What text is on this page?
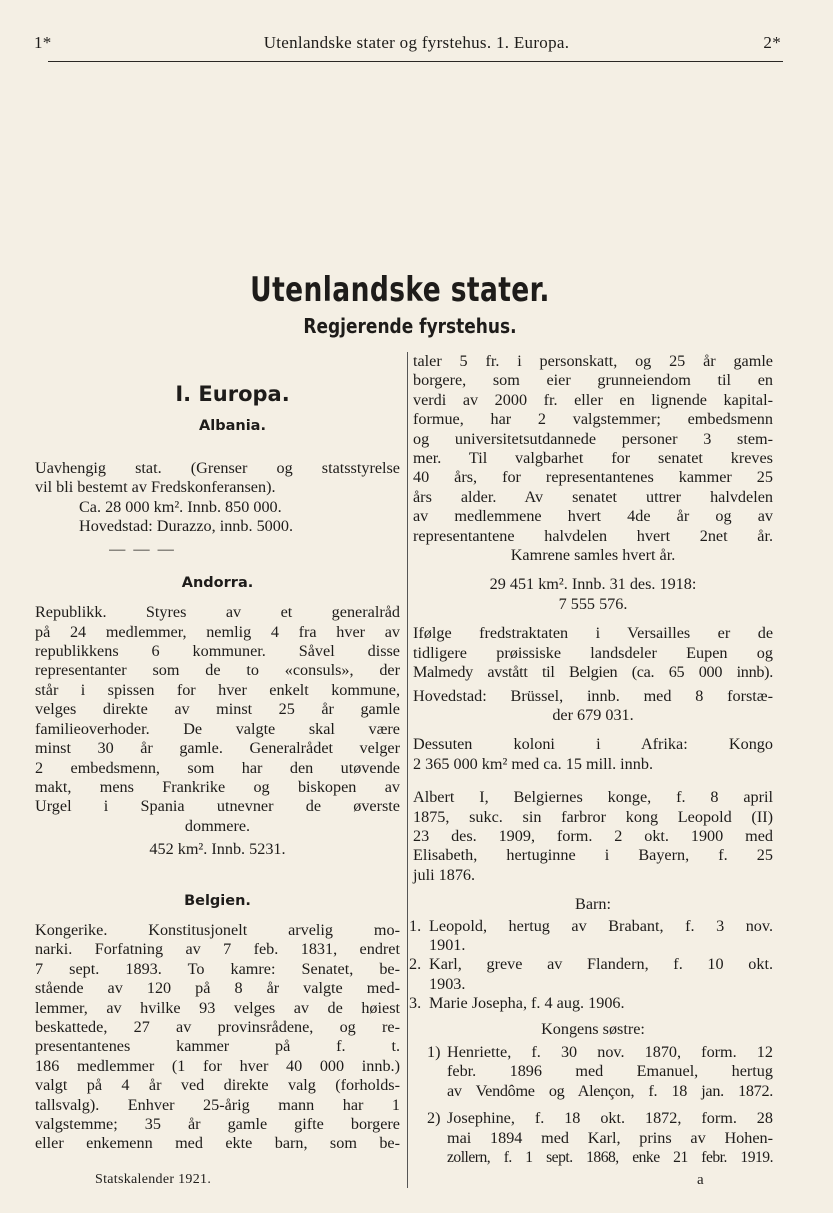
1*	Utenlandske stater og fyrstehus. 1. Europa.	2*
Utenlandske stater.
Regjerende fyrstehus.
I. Europa.
Albania.

Uavhengig stat. (Grenser og statsstyrelse

vil bli bestemt av Fredskonferansen).

Ca. 28 000 km². Innb. 850 000.

Hovedstad: Durazzo, innb. 5000.

— — —

Andorra.

Republikk. Styres av et generalråd

på 24 medlemmer, nemlig 4 fra hver av

republikkens 6 kommuner. Såvel disse

representanter som de to «consuls», der

står i spissen for hver enkelt kommune,

velges direkte av minst 25 år gamle

familieoverhoder. De valgte skal være

minst 30 år gamle. Generalrådet velger

2 embedsmenn, som har den utøvende

makt, mens Frankrike og biskopen av

Urgel i Spania utnevner de øverste

dommere.

452 km². Innb. 5231.

Belgien.

Kongerike. Konstitusjonelt arvelig mo-

narki. Forfatning av 7 feb. 1831, endret

7 sept. 1893. To kamre: Senatet, be-

stående av 120 på 8 år valgte med-

lemmer, av hvilke 93 velges av de høiest

beskattede, 27 av provinsrådene, og re-

presentantenes kammer på f. t.

186 medlemmer (1 for hver 40 000 innb.)

valgt på 4 år ved direkte valg (forholds-

tallsvalg). Enhver 25-årig mann har 1

valgstemme; 35 år gamle gifte borgere

eller enkemenn med ekte barn, som be-

taler 5 fr. i personskatt, og 25 år gamle

borgere, som eier grunneiendom til en

verdi av 2000 fr. eller en lignende kapital-

formue, har 2 valgstemmer; embedsmenn

og universitetsutdannede personer 3 stem-

mer. Til valgbarhet for senatet kreves

40 års, for representantenes kammer 25

års alder. Av senatet uttrer halvdelen

av medlemmene hvert 4de år og av

representantene halvdelen hvert 2net år.

Kamrene samles hvert år.

29 451 km². Innb. 31 des. 1918:

7 555 576.

Ifølge fredstraktaten i Versailles er de

tidligere prøissiske landsdeler Eupen og

Malmedy avstått til Belgien (ca. 65 000 innb).

Hovedstad: Brüssel, innb. med 8 forstæ-

der 679 031.

Dessuten koloni i Afrika: Kongo

2 365 000 km² med ca. 15 mill. innb.

Albert I, Belgiernes konge, f. 8 april

1875, sukc. sin farbror kong Leopold (II)

23 des. 1909, form. 2 okt. 1900 med

Elisabeth, hertuginne i Bayern, f. 25

juli 1876.

Barn:

1. Leopold, hertug av Brabant, f. 3 nov.

1901.

2. Karl, greve av Flandern, f. 10 okt.

1903.

3. Marie Josepha, f. 4 aug. 1906.

Kongens søstre:

1) Henriette, f. 30 nov. 1870, form. 12

febr. 1896 med Emanuel, hertug

av Vendôme og Alençon, f. 18 jan. 1872.

2) Josephine, f. 18 okt. 1872, form. 28

mai 1894 med Karl, prins av Hohen-

zollern, f. 1 sept. 1868, enke 21 febr. 1919.

Statskalender 1921.	a
